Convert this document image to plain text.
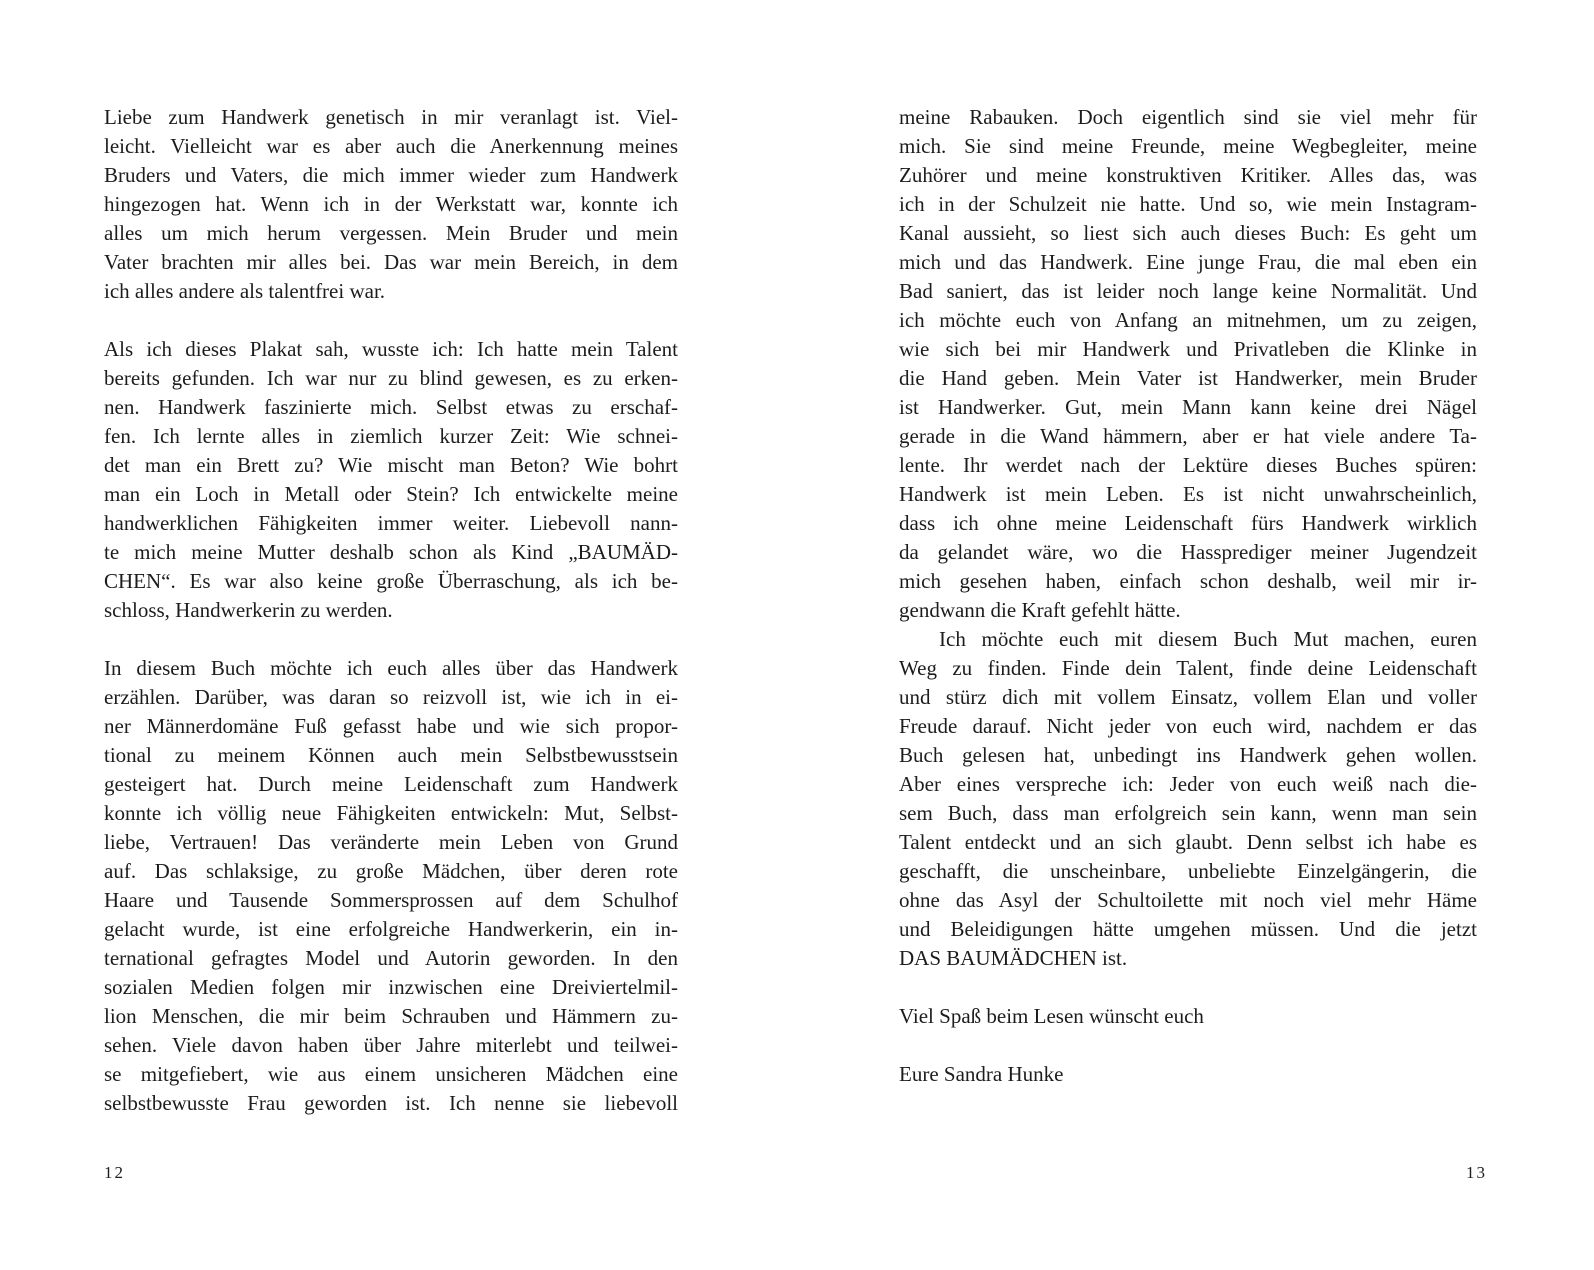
Liebe zum Handwerk genetisch in mir veranlagt ist. Viel-
leicht. Vielleicht war es aber auch die Anerkennung meines
Bruders und Vaters, die mich immer wieder zum Handwerk
hingezogen hat. Wenn ich in der Werkstatt war, konnte ich
alles um mich herum vergessen. Mein Bruder und mein
Vater brachten mir alles bei. Das war mein Bereich, in dem
ich alles andere als talentfrei war.
Als ich dieses Plakat sah, wusste ich: Ich hatte mein Talent
bereits gefunden. Ich war nur zu blind gewesen, es zu erken-
nen. Handwerk faszinierte mich. Selbst etwas zu erschaf-
fen. Ich lernte alles in ziemlich kurzer Zeit: Wie schnei-
det man ein Brett zu? Wie mischt man Beton? Wie bohrt
man ein Loch in Metall oder Stein? Ich entwickelte meine
handwerklichen Fähigkeiten immer weiter. Liebevoll nann-
te mich meine Mutter deshalb schon als Kind „BAUMÄD-
CHEN“. Es war also keine große Überraschung, als ich be-
schloss, Handwerkerin zu werden.
In diesem Buch möchte ich euch alles über das Handwerk
erzählen. Darüber, was daran so reizvoll ist, wie ich in ei-
ner Männerdomäne Fuß gefasst habe und wie sich propor-
tional zu meinem Können auch mein Selbstbewusstsein
gesteigert hat. Durch meine Leidenschaft zum Handwerk
konnte ich völlig neue Fähigkeiten entwickeln: Mut, Selbst-
liebe, Vertrauen! Das veränderte mein Leben von Grund
auf. Das schlaksige, zu große Mädchen, über deren rote
Haare und Tausende Sommersprossen auf dem Schulhof
gelacht wurde, ist eine erfolgreiche Handwerkerin, ein in-
ternational gefragtes Model und Autorin geworden. In den
sozialen Medien folgen mir inzwischen eine Dreiviertelmil-
lion Menschen, die mir beim Schrauben und Hämmern zu-
sehen. Viele davon haben über Jahre miterlebt und teilwei-
se mitgefiebert, wie aus einem unsicheren Mädchen eine
selbstbewusste Frau geworden ist. Ich nenne sie liebevoll
12
meine Rabauken. Doch eigentlich sind sie viel mehr für
mich. Sie sind meine Freunde, meine Wegbegleiter, meine
Zuhörer und meine konstruktiven Kritiker. Alles das, was
ich in der Schulzeit nie hatte. Und so, wie mein Instagram-
Kanal aussieht, so liest sich auch dieses Buch: Es geht um
mich und das Handwerk. Eine junge Frau, die mal eben ein
Bad saniert, das ist leider noch lange keine Normalität. Und
ich möchte euch von Anfang an mitnehmen, um zu zeigen,
wie sich bei mir Handwerk und Privatleben die Klinke in
die Hand geben. Mein Vater ist Handwerker, mein Bruder
ist Handwerker. Gut, mein Mann kann keine drei Nägel
gerade in die Wand hämmern, aber er hat viele andere Ta-
lente. Ihr werdet nach der Lektüre dieses Buches spüren:
Handwerk ist mein Leben. Es ist nicht unwahrscheinlich,
dass ich ohne meine Leidenschaft fürs Handwerk wirklich
da gelandet wäre, wo die Hassprediger meiner Jugendzeit
mich gesehen haben, einfach schon deshalb, weil mir ir-
gendwann die Kraft gefehlt hätte.
Ich möchte euch mit diesem Buch Mut machen, euren
Weg zu finden. Finde dein Talent, finde deine Leidenschaft
und stürz dich mit vollem Einsatz, vollem Elan und voller
Freude darauf. Nicht jeder von euch wird, nachdem er das
Buch gelesen hat, unbedingt ins Handwerk gehen wollen.
Aber eines verspreche ich: Jeder von euch weiß nach die-
sem Buch, dass man erfolgreich sein kann, wenn man sein
Talent entdeckt und an sich glaubt. Denn selbst ich habe es
geschafft, die unscheinbare, unbeliebte Einzelgängerin, die
ohne das Asyl der Schultoilette mit noch viel mehr Häme
und Beleidigungen hätte umgehen müssen. Und die jetzt
DAS BAUMÄDCHEN ist.
Viel Spaß beim Lesen wünscht euch
Eure Sandra Hunke
13
